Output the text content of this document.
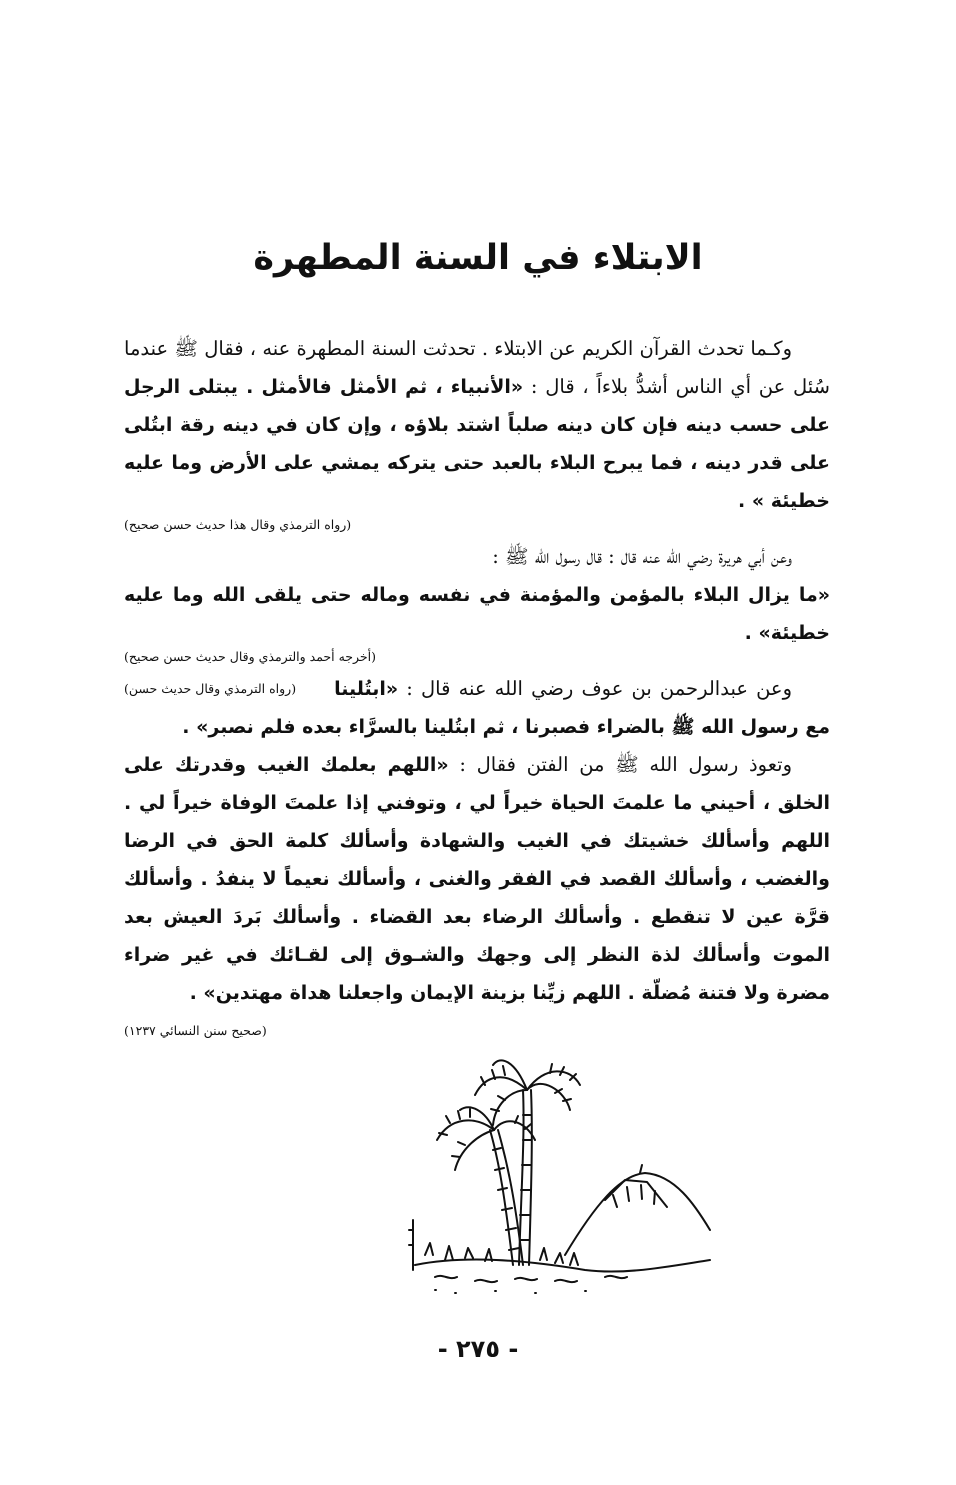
الابتلاء في السنة المطهرة

وكـما تحدث القرآن الكريم عن الابتلاء . تحدثت السنة المطهرة عنه ، فقال ﷺ عندما سُئل عن أي الناس أشدُّ بلاءاً ، قال : «الأنبياء ، ثم الأمثل فالأمثل . يبتلى الرجل على حسب دينه فإن كان دينه صلباً اشتد بلاؤه ، وإن كان في دينه رقة ابتُلى على قدر دينه ، فما يبرح البلاء بالعبد حتى يتركه يمشي على الأرض وما عليه خطيئة » .

(رواه الترمذي وقال هذا حديث حسن صحيح)

وعن أبي هريرة رضي الله عنه قال : قال رسول الله ﷺ :

«ما يزال البلاء بالمؤمن والمؤمنة في نفسه وماله حتى يلقى الله وما عليه خطيئة» .

(أخرجه أحمد والترمذي وقال حديث حسن صحيح)

(رواه الترمذي وقال حديث حسن)	وعن عبدالرحمن بن عوف رضي الله عنه قال : «ابتُلينا مع رسول الله ﷺ بالضراء فصبرنا ، ثم ابتُلينا بالسرَّاء بعده فلم نصبر» .

وتعوذ رسول الله ﷺ من الفتن فقال : «اللهم بعلمك الغيب وقدرتك على الخلق ، أحيني ما علمتَ الحياة خيراً لي ، وتوفني إذا علمتَ الوفاة خيراً لي . اللهم وأسألك خشيتك في الغيب والشهادة وأسألك كلمة الحق في الرضا والغضب ، وأسألك القصد في الفقر والغنى ، وأسألك نعيماً لا ينفدُ . وأسألك قرَّة عين لا تنقطع . وأسألك الرضاء بعد القضاء . وأسألك بَردَ العيش بعد الموت وأسألك لذة النظر إلى وجهك والشـوق إلى لقـائك في غير ضراء مضرة ولا فتنة مُضلّة . اللهم زيِّنا بزينة الإيمان واجعلنا هداة مهتدين» .
(صحيح سنن النسائي ١٢٣٧)

- ٢٧٥ -
